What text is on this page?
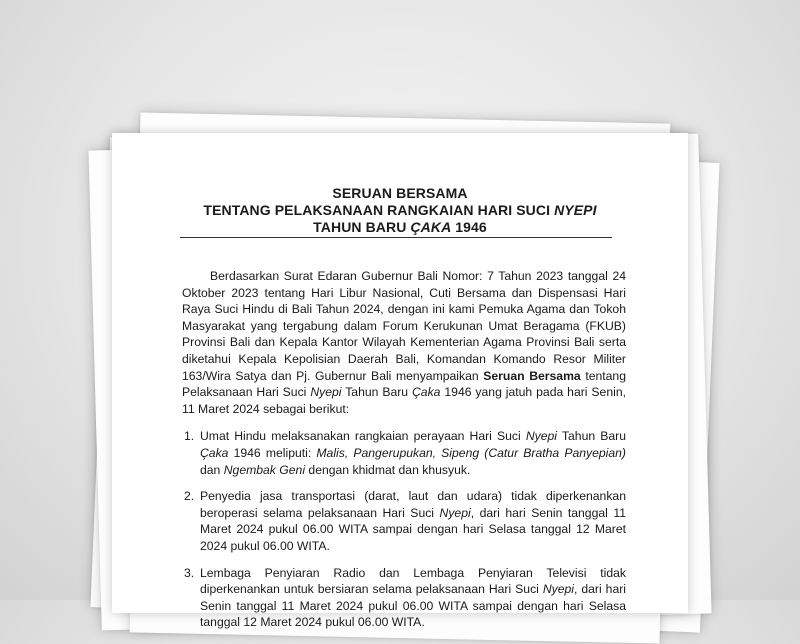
SERUAN BERSAMA
TENTANG PELAKSANAAN RANGKAIAN HARI SUCI NYEPI
TAHUN BARU ÇAKA 1946

Berdasarkan Surat Edaran Gubernur Bali Nomor: 7 Tahun 2023 tanggal 24 Oktober 2023 tentang Hari Libur Nasional, Cuti Bersama dan Dispensasi Hari Raya Suci Hindu di Bali Tahun 2024, dengan ini kami Pemuka Agama dan Tokoh Masyarakat yang tergabung dalam Forum Kerukunan Umat Beragama (FKUB) Provinsi Bali dan Kepala Kantor Wilayah Kementerian Agama Provinsi Bali serta diketahui Kepala Kepolisian Daerah Bali, Komandan Komando Resor Militer 163/Wira Satya dan Pj. Gubernur Bali menyampaikan Seruan Bersama tentang Pelaksanaan Hari Suci Nyepi Tahun Baru Çaka 1946 yang jatuh pada hari Senin, 11 Maret 2024 sebagai berikut:

1. Umat Hindu melaksanakan rangkaian perayaan Hari Suci Nyepi Tahun Baru Çaka 1946 meliputi: Malis, Pangerupukan, Sipeng (Catur Bratha Panyepian) dan Ngembak Geni dengan khidmat dan khusyuk.
2. Penyedia jasa transportasi (darat, laut dan udara) tidak diperkenankan beroperasi selama pelaksanaan Hari Suci Nyepi, dari hari Senin tanggal 11 Maret 2024 pukul 06.00 WITA sampai dengan hari Selasa tanggal 12 Maret 2024 pukul 06.00 WITA.
3. Lembaga Penyiaran Radio dan Lembaga Penyiaran Televisi tidak diperkenankan untuk bersiaran selama pelaksanaan Hari Suci Nyepi, dari hari Senin tanggal 11 Maret 2024 pukul 06.00 WITA sampai dengan hari Selasa tanggal 12 Maret 2024 pukul 06.00 WITA.
